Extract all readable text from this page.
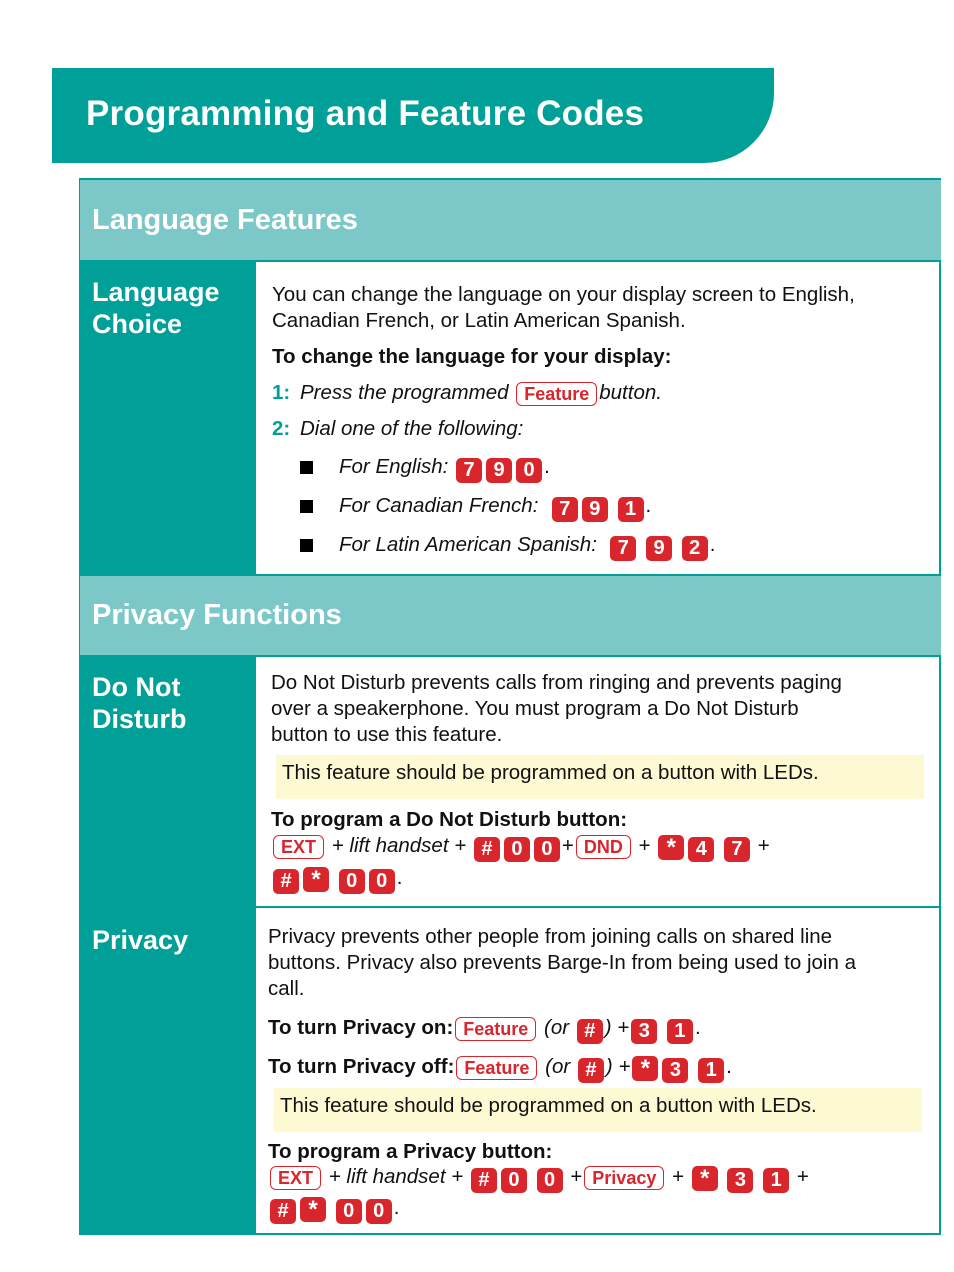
Programming and Feature Codes
Language Features
Language
Choice
You can change the language on your display screen to English,
Canadian French, or Latin American Spanish.
To change the language for your display:
1: Press the programmed Feature button.
2: Dial one of the following:
For English: 7 9 0 .
For Canadian French: 7 9 1 .
For Latin American Spanish: 7 9 2 .
Privacy Functions
Do Not
Disturb
Do Not Disturb prevents calls from ringing and prevents paging
over a speakerphone. You must program a Do Not Disturb
button to use this feature.
This feature should be programmed on a button with LEDs.
To program a Do Not Disturb button:
EXT + lift handset + # 0 0 + DND + * 4 7 +
# * 0 0 .
Privacy	Privacy prevents other people from joining calls on shared line
buttons. Privacy also prevents Barge-In from being used to join a
call.
To turn Privacy on: Feature (or # ) + 3 1 .
To turn Privacy off: Feature (or # ) + * 3 1 .
This feature should be programmed on a button with LEDs.
To program a Privacy button:
EXT + lift handset + # 0 0 + Privacy + * 3 1 +
# * 0 0 .
